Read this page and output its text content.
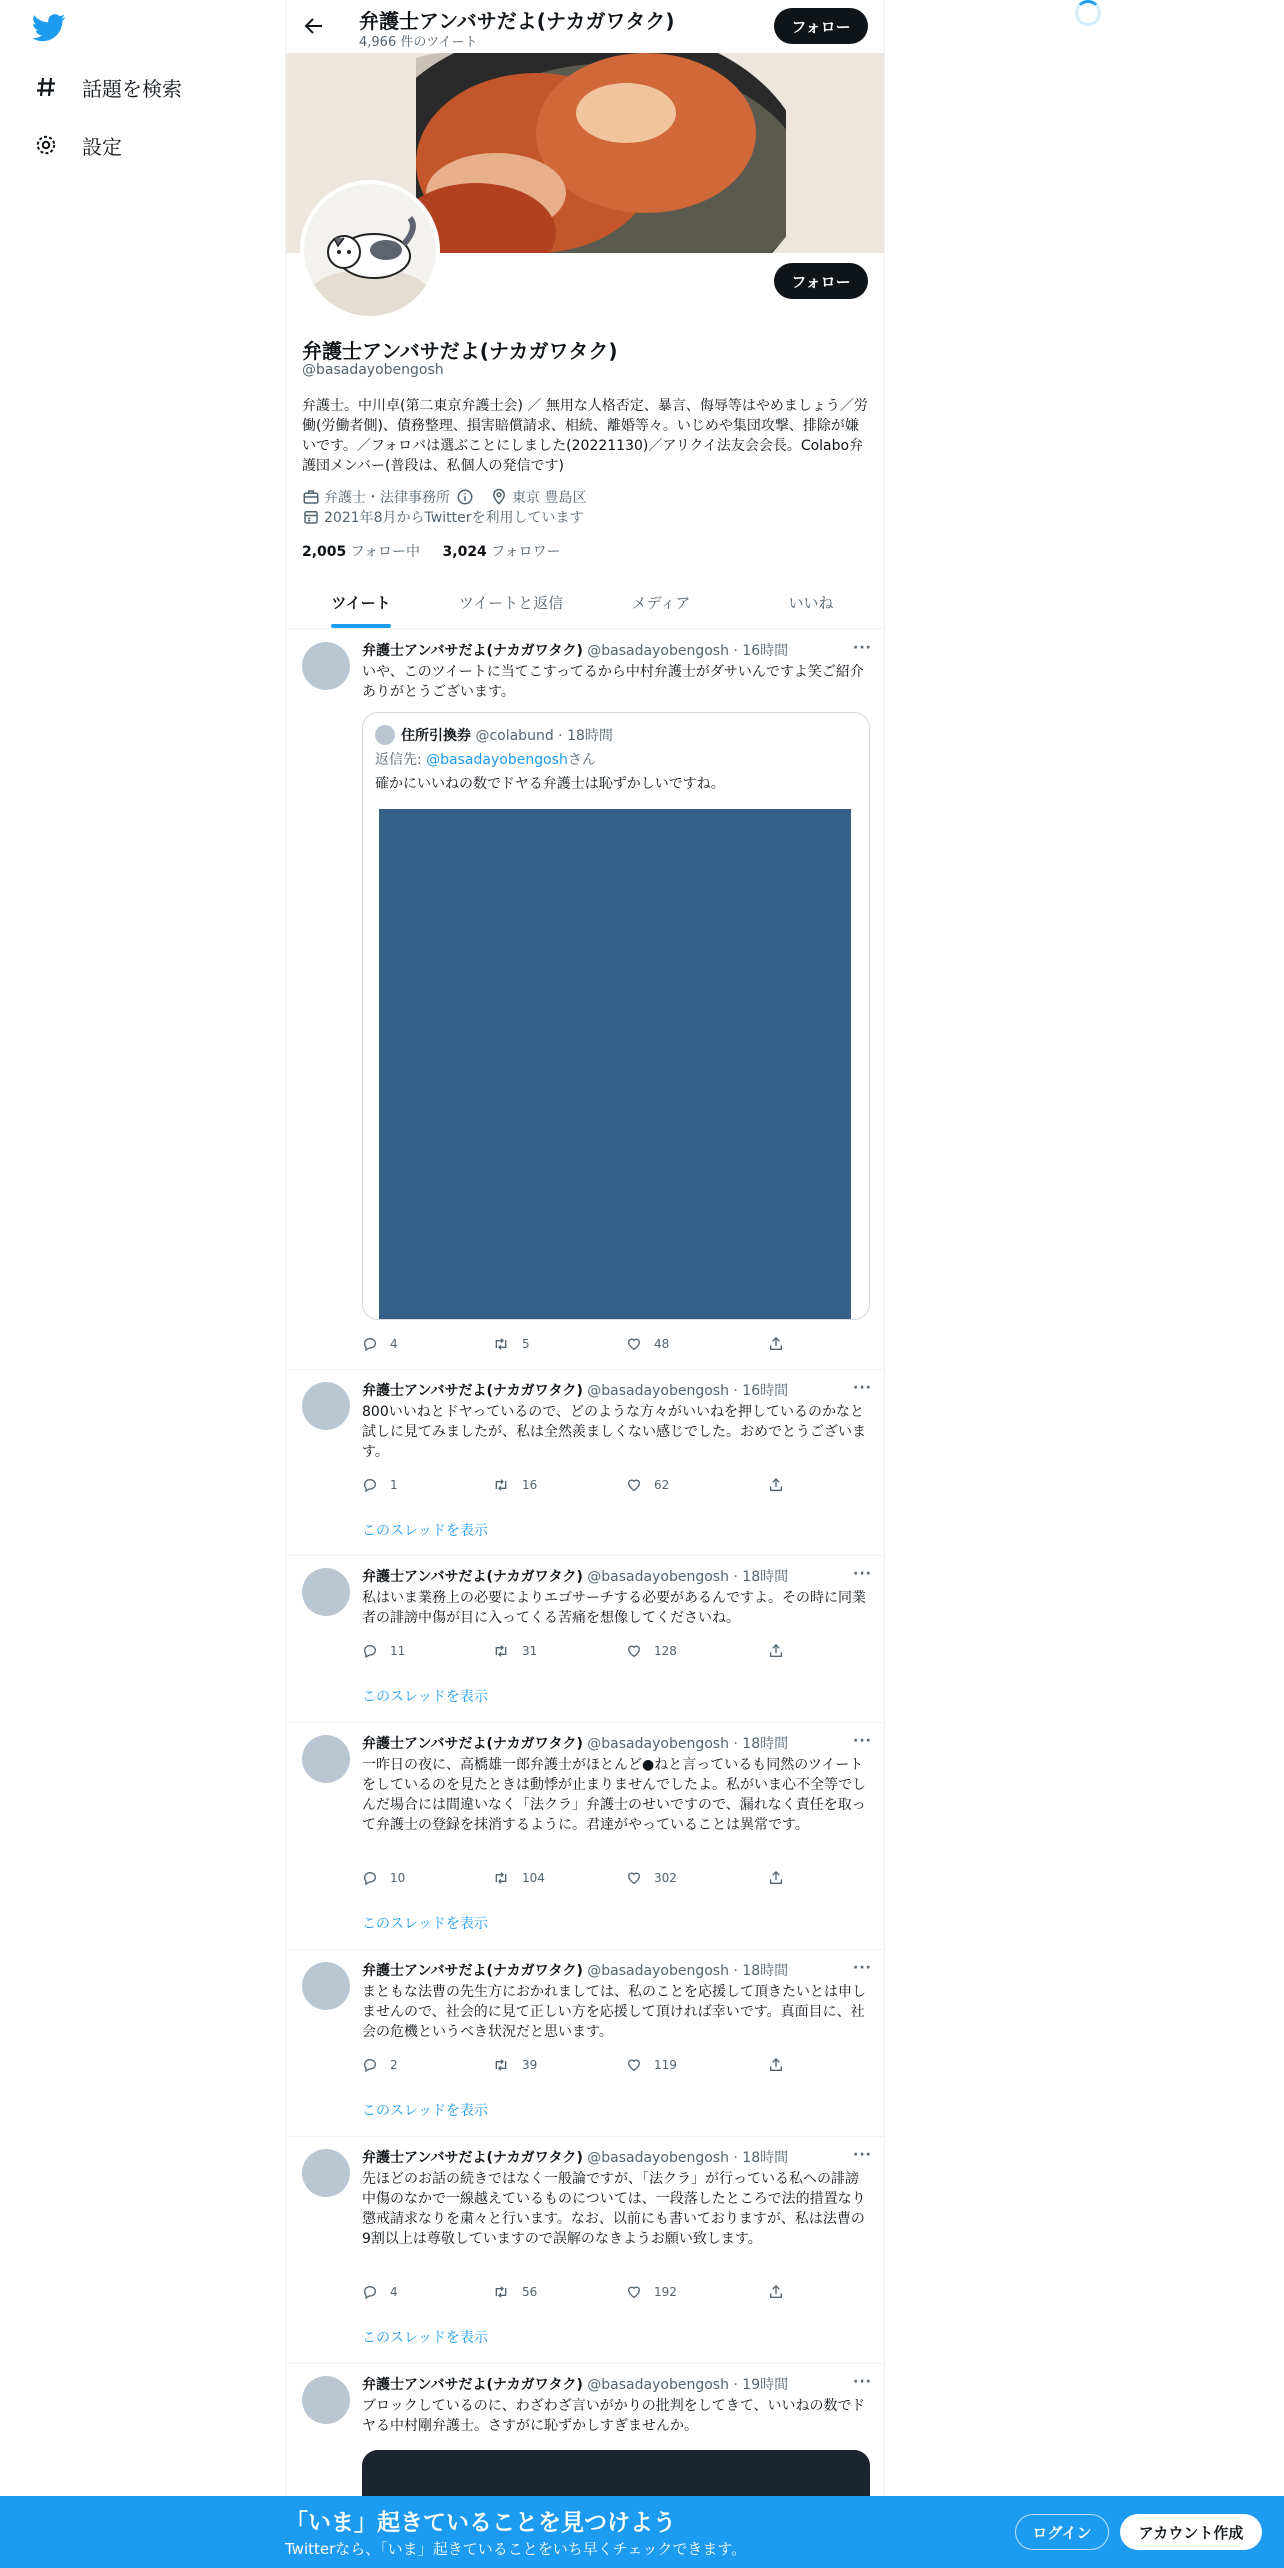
話題を検索
設定
弁護士アンバサだよ(ナカガワタク)
4,966 件のツイート
フォロー
フォロー
弁護士アンバサだよ(ナカガワタク)
@basadayobengosh
弁護士。中川卓(第二東京弁護士会) ／ 無用な人格否定、暴言、侮辱等はやめましょう／労働(労働者側)、債務整理、損害賠償請求、相続、離婚等々。いじめや集団攻撃、排除が嫌いです。／フォロバは選ぶことにしました(20221130)／アリクイ法友会会長。Colabo弁護団メンバー(普段は、私個人の発信です)
弁護士・法律事務所	東京 豊島区
2021年8月からTwitterを利用しています
2,005 フォロー中 3,024 フォロワー
ツイート	ツイートと返信	メディア	いいね
弁護士アンバサだよ(ナカガワタク) @basadayobengosh · 16時間	···
いや、このツイートに当てこすってるから中村弁護士がダサいんですよ笑ご紹介ありがとうございます。
住所引換券 @colabund · 18時間
返信先: @basadayobengoshさん
確かにいいねの数でドヤる弁護士は恥ずかしいですね。
4	5	48
弁護士アンバサだよ(ナカガワタク) @basadayobengosh · 16時間	···
800いいねとドヤっているので、どのような方々がいいねを押しているのかなと試しに見てみましたが、私は全然羨ましくない感じでした。おめでとうございます。
1	16	62
このスレッドを表示
弁護士アンバサだよ(ナカガワタク) @basadayobengosh · 18時間	···
私はいま業務上の必要によりエゴサーチする必要があるんですよ。その時に同業者の誹謗中傷が目に入ってくる苦痛を想像してくださいね。
11	31	128
このスレッドを表示
弁護士アンバサだよ(ナカガワタク) @basadayobengosh · 18時間	···
一昨日の夜に、高橋雄一郎弁護士がほとんど●ねと言っているも同然のツイートをしているのを見たときは動悸が止まりませんでしたよ。私がいま心不全等でしんだ場合には間違いなく「法クラ」弁護士のせいですので、漏れなく責任を取って弁護士の登録を抹消するように。君達がやっていることは異常です。
10	104	302
このスレッドを表示
弁護士アンバサだよ(ナカガワタク) @basadayobengosh · 18時間	···
まともな法曹の先生方におかれましては、私のことを応援して頂きたいとは申しませんので、社会的に見て正しい方を応援して頂ければ幸いです。真面目に、社会の危機というべき状況だと思います。
2	39	119
このスレッドを表示
弁護士アンバサだよ(ナカガワタク) @basadayobengosh · 18時間	···
先ほどのお話の続きではなく一般論ですが、「法クラ」が行っている私への誹謗中傷のなかで一線越えているものについては、一段落したところで法的措置なり懲戒請求なりを粛々と行います。なお、以前にも書いておりますが、私は法曹の9割以上は尊敬していますので誤解のなきようお願い致します。
4	56	192
このスレッドを表示
弁護士アンバサだよ(ナカガワタク) @basadayobengosh · 19時間	···
ブロックしているのに、わざわざ言いがかりの批判をしてきて、いいねの数でドヤる中村剛弁護士。さすがに恥ずかしすぎませんか。
「いま」起きていることを見つけよう
Twitterなら、「いま」起きていることをいち早くチェックできます。
ログイン	アカウント作成
